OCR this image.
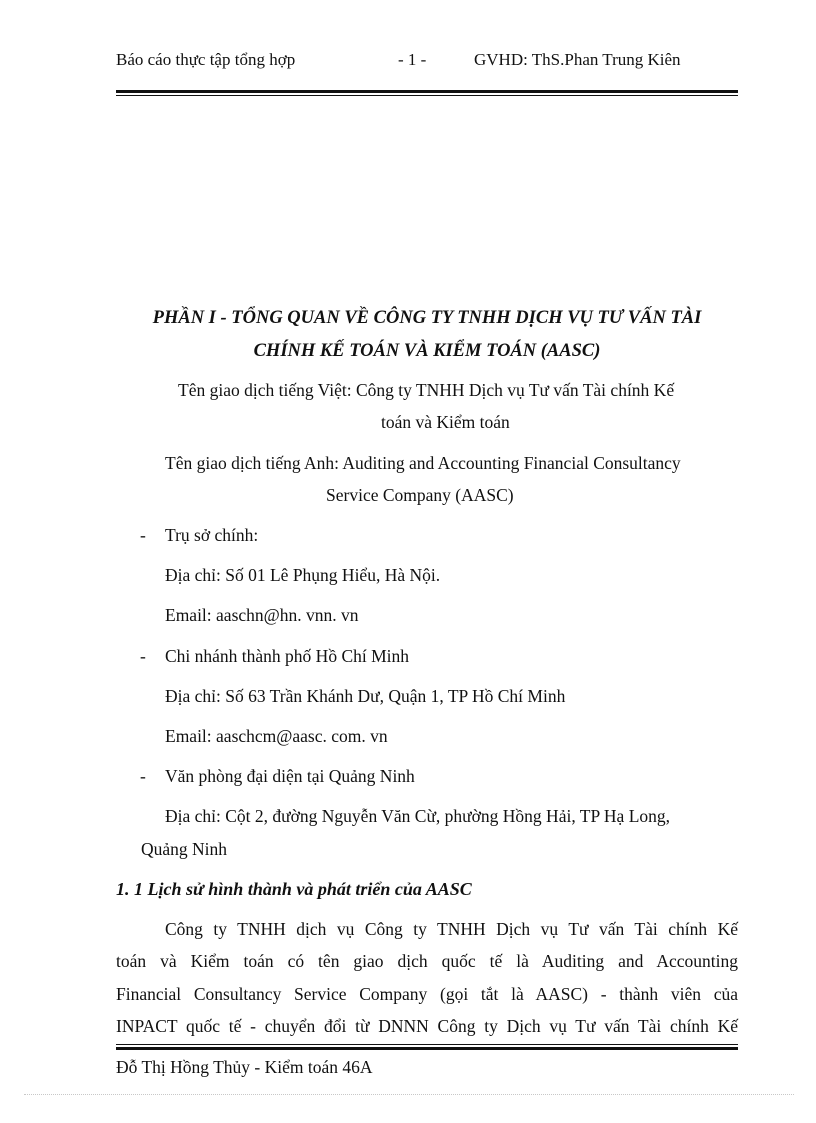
Báo cáo thực tập tổng hợp	- 1 -	GVHD: ThS.Phan Trung Kiên
PHẦN I - TỔNG QUAN VỀ CÔNG TY TNHH DỊCH VỤ TƯ VẤN TÀI
CHÍNH KẾ TOÁN VÀ KIỂM TOÁN (AASC)
Tên giao dịch tiếng Việt: Công ty TNHH Dịch vụ Tư vấn Tài chính Kế
toán và Kiểm toán
Tên giao dịch tiếng Anh: Auditing and Accounting Financial Consultancy
Service Company (AASC)
- Trụ sở chính:
Địa chỉ: Số 01 Lê Phụng Hiểu, Hà Nội.
Email: aaschn@hn. vnn. vn
- Chi nhánh thành phố Hồ Chí Minh
Địa chỉ: Số 63 Trần Khánh Dư, Quận 1, TP Hồ Chí Minh
Email: aaschcm@aasc. com. vn
- Văn phòng đại diện tại Quảng Ninh
Địa chỉ: Cột 2, đường Nguyễn Văn Cừ, phường Hồng Hải, TP Hạ Long,
Quảng Ninh
1. 1 Lịch sử hình thành và phát triển của AASC
Công ty TNHH dịch vụ Công ty TNHH Dịch vụ Tư vấn Tài chính Kế
toán và Kiểm toán có tên giao dịch quốc tế là Auditing and Accounting
Financial Consultancy Service Company (gọi tắt là AASC) - thành viên của
INPACT quốc tế - chuyển đổi từ DNNN Công ty Dịch vụ Tư vấn Tài chính Kế
Đỗ Thị Hồng Thủy - Kiểm toán 46A
